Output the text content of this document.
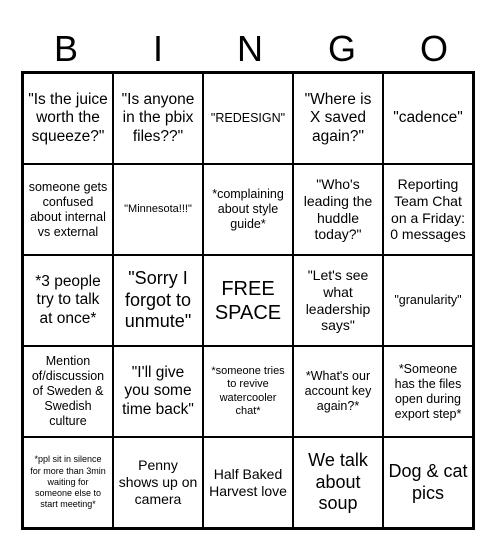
B	I	N	G	O
"Is the juice worth the squeeze?"
"Is anyone in the pbix files??"
"REDESIGN"
"Where is X saved again?"
"cadence"
someone gets confused about internal vs external
"Minnesota!!!"
*complaining about style guide*
"Who's leading the huddle today?"
Reporting Team Chat on a Friday: 0 messages
*3 people try to talk at once*
"Sorry I forgot to unmute"
FREE SPACE
"Let's see what leadership says"
"granularity"
Mention of/discussion of Sweden & Swedish culture
"I'll give you some time back"
*someone tries to revive watercooler chat*
*What's our account key again?*
*Someone has the files open during export step*
*ppl sit in silence for more than 3min waiting for someone else to start meeting*
Penny shows up on camera
Half Baked Harvest love
We talk about soup
Dog & cat pics
